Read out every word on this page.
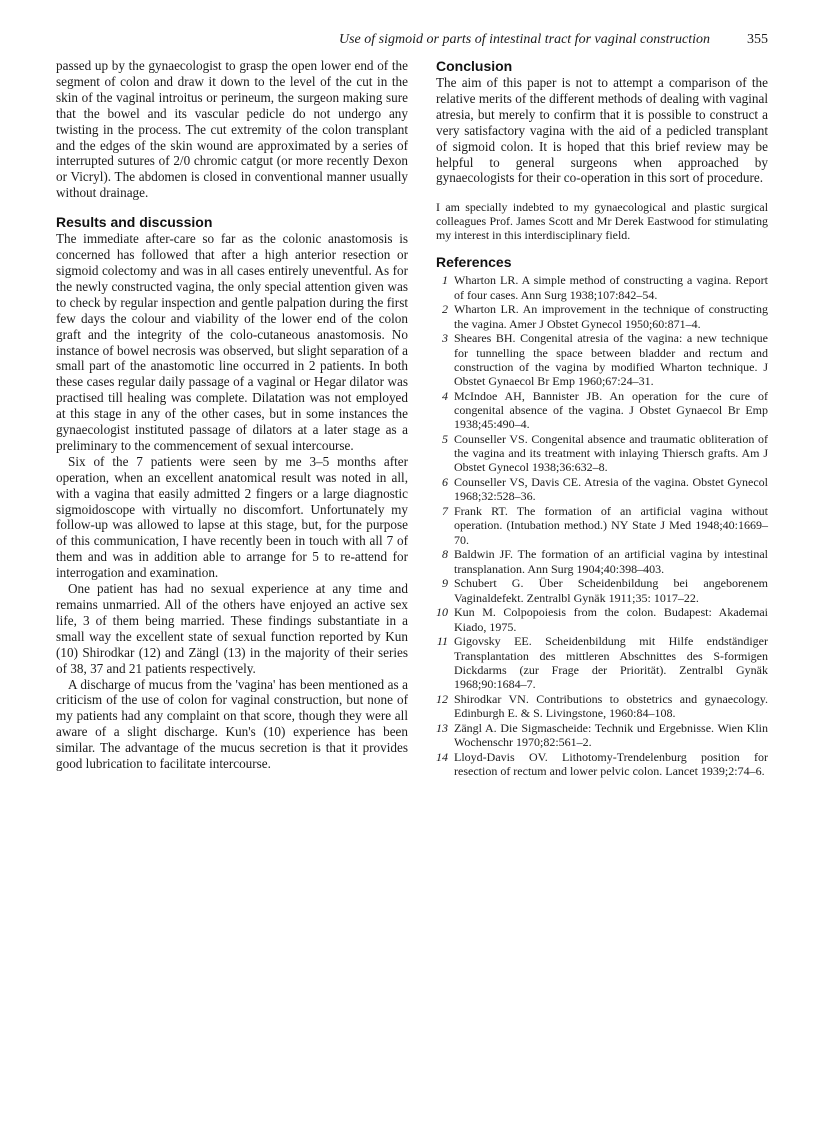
Use of sigmoid or parts of intestinal tract for vaginal construction	355

passed up by the gynaecologist to grasp the open lower end of the segment of colon and draw it down to the level of the cut in the skin of the vaginal introitus or perineum, the surgeon making sure that the bowel and its vascular pedicle do not undergo any twisting in the process. The cut extremity of the colon transplant and the edges of the skin wound are approximated by a series of interrupted sutures of 2/0 chromic catgut (or more recently Dexon or Vicryl). The abdomen is closed in conventional manner usually without drainage.

Results and discussion

The immediate after-care so far as the colonic anastomosis is concerned has followed that after a high anterior resection or sigmoid colectomy and was in all cases entirely uneventful. As for the newly constructed vagina, the only special attention given was to check by regular inspection and gentle palpation during the first few days the colour and viability of the lower end of the colon graft and the integrity of the colo-cutaneous anastomosis. No instance of bowel necrosis was observed, but slight separation of a small part of the anastomotic line occurred in 2 patients. In both these cases regular daily passage of a vaginal or Hegar dilator was practised till healing was complete. Dilatation was not employed at this stage in any of the other cases, but in some instances the gynaecologist instituted passage of dilators at a later stage as a preliminary to the commencement of sexual intercourse.

Six of the 7 patients were seen by me 3–5 months after operation, when an excellent anatomical result was noted in all, with a vagina that easily admitted 2 fingers or a large diagnostic sigmoidoscope with virtually no discomfort. Unfortunately my follow-up was allowed to lapse at this stage, but, for the purpose of this communication, I have recently been in touch with all 7 of them and was in addition able to arrange for 5 to re-attend for interrogation and examination.

One patient has had no sexual experience at any time and remains unmarried. All of the others have enjoyed an active sex life, 3 of them being married. These findings substantiate in a small way the excellent state of sexual function reported by Kun (10) Shirodkar (12) and Zängl (13) in the majority of their series of 38, 37 and 21 patients respectively.

A discharge of mucus from the 'vagina' has been mentioned as a criticism of the use of colon for vaginal construction, but none of my patients had any complaint on that score, though they were all aware of a slight discharge. Kun's (10) experience has been similar. The advantage of the mucus secretion is that it provides good lubrication to facilitate intercourse.

Conclusion

The aim of this paper is not to attempt a comparison of the relative merits of the different methods of dealing with vaginal atresia, but merely to confirm that it is possible to construct a very satisfactory vagina with the aid of a pedicled transplant of sigmoid colon. It is hoped that this brief review may be helpful to general surgeons when approached by gynaecologists for their co-operation in this sort of procedure.

I am specially indebted to my gynaecological and plastic surgical colleagues Prof. James Scott and Mr Derek Eastwood for stimulating my interest in this interdisciplinary field.

References
1 Wharton LR. A simple method of constructing a vagina. Report of four cases. Ann Surg 1938;107:842–54.
2 Wharton LR. An improvement in the technique of constructing the vagina. Amer J Obstet Gynecol 1950;60:871–4.
3 Sheares BH. Congenital atresia of the vagina: a new technique for tunnelling the space between bladder and rectum and construction of the vagina by modified Wharton technique. J Obstet Gynaecol Br Emp 1960;67:24–31.
4 McIndoe AH, Bannister JB. An operation for the cure of congenital absence of the vagina. J Obstet Gynaecol Br Emp 1938;45:490–4.
5 Counseller VS. Congenital absence and traumatic obliteration of the vagina and its treatment with inlaying Thiersch grafts. Am J Obstet Gynecol 1938;36:632–8.
6 Counseller VS, Davis CE. Atresia of the vagina. Obstet Gynecol 1968;32:528–36.
7 Frank RT. The formation of an artificial vagina without operation. (Intubation method.) NY State J Med 1948;40:1669–70.
8 Baldwin JF. The formation of an artificial vagina by intestinal transplanation. Ann Surg 1904;40:398–403.
9 Schubert G. Über Scheidenbildung bei angeborenem Vaginaldefekt. Zentralbl Gynäk 1911;35: 1017–22.
10 Kun M. Colpopoiesis from the colon. Budapest: Akademai Kiado, 1975.
11 Gigovsky EE. Scheidenbildung mit Hilfe endständiger Transplantation des mittleren Abschnittes des S-formigen Dickdarms (zur Frage der Priorität). Zentralbl Gynäk 1968;90:1684–7.
12 Shirodkar VN. Contributions to obstetrics and gynaecology. Edinburgh E. & S. Livingstone, 1960:84–108.
13 Zängl A. Die Sigmascheide: Technik und Ergebnisse. Wien Klin Wochenschr 1970;82:561–2.
14 Lloyd-Davis OV. Lithotomy-Trendelenburg position for resection of rectum and lower pelvic colon. Lancet 1939;2:74–6.
